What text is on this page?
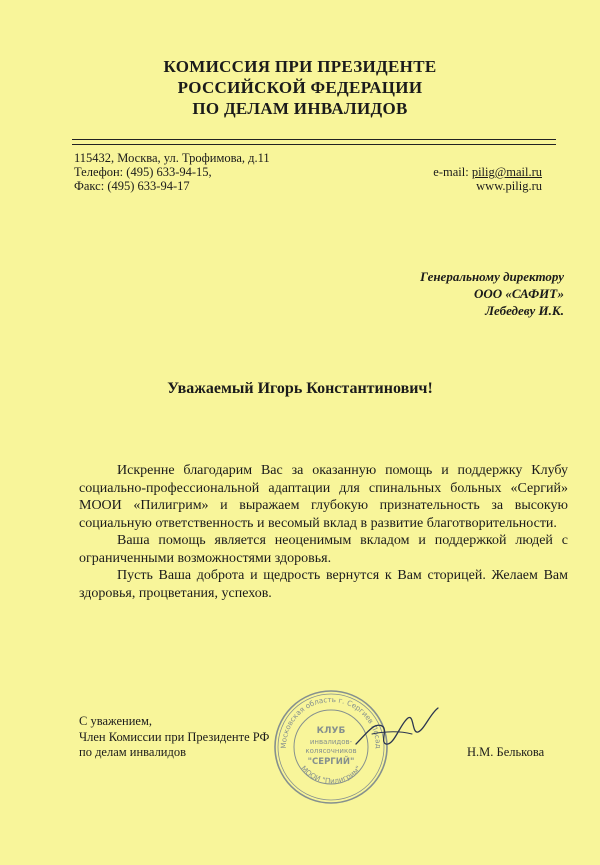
КОМИССИЯ ПРИ ПРЕЗИДЕНТЕ
РОССИЙСКОЙ ФЕДЕРАЦИИ
ПО ДЕЛАМ ИНВАЛИДОВ
115432, Москва, ул. Трофимова, д.11
Телефон: (495) 633-94-15,
Факс: (495) 633-94-17
e-mail: pilig@mail.ru
www.pilig.ru
Генеральному директору
ООО «САФИТ»
Лебедеву И.К.
Уважаемый Игорь Константинович!

Искренне благодарим Вас за оказанную помощь и поддержку Клубу социально-профессиональной адаптации для спинальных больных «Сергий» МООИ «Пилигрим» и выражаем глубокую признательность за высокую социальную ответственность и весомый вклад в развитие благотворительности.

Ваша помощь является неоценимым вкладом и поддержкой людей с ограниченными возможностями здоровья.

Пусть Ваша доброта и щедрость вернутся к Вам сторицей. Желаем Вам здоровья, процветания, успехов.

С уважением,
Член Комиссии при Президенте РФ
по делам инвалидов	Н.М. Белькова
Московская область г. Сергиев Посад
МООИ "Пилигрим"
КЛУБ
инвалидов-
колясочников
"СЕРГИЙ"
